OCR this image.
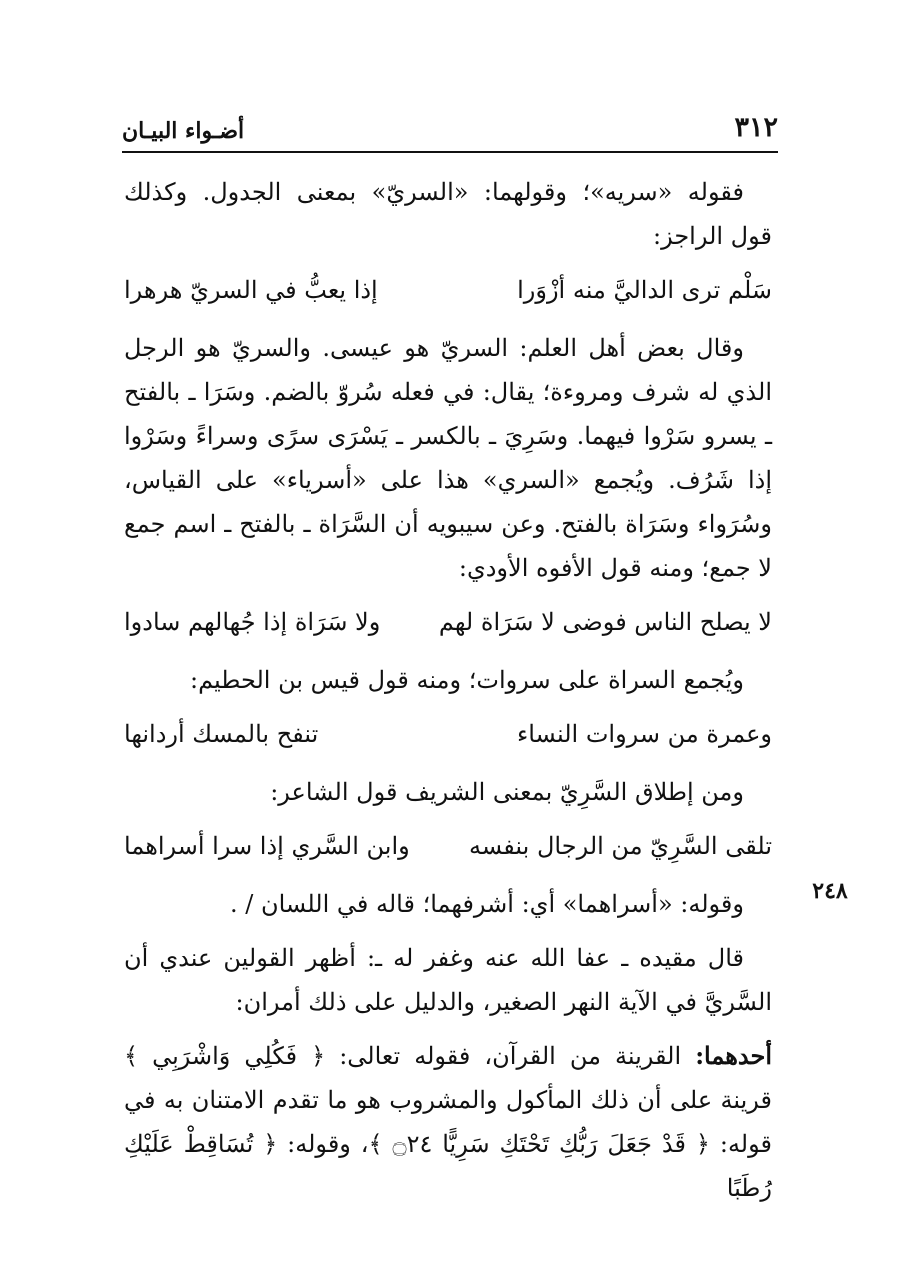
٣١٢
أضـواء البيـان
٢٤٨

فقوله «سريه»؛ وقولهما: «السريّ» بمعنى الجدول. وكذلك قول الراجز:

سَلْم ترى الداليَّ منه أزْوَرا
إذا يعبُّ في السريّ هرهرا

وقال بعض أهل العلم: السريّ هو عيسى. والسريّ هو الرجل الذي له شرف ومروءة؛ يقال: في فعله سُروّ بالضم. وسَرَا ـ بالفتح ـ يسرو سَرْوا فيهما. وسَرِيَ ـ بالكسر ـ يَسْرَى سرًى وسراءً وسَرْوا إذا شَرُف. ويُجمع «السري» هذا على «أسرياء» على القياس، وسُرَواء وسَرَاة بالفتح. وعن سيبويه أن السَّرَاة ـ بالفتح ـ اسم جمع لا جمع؛ ومنه قول الأفوه الأودي:

لا يصلح الناس فوضى لا سَرَاة لهم
ولا سَرَاة إذا جُهالهم سادوا

ويُجمع السراة على سروات؛ ومنه قول قيس بن الحطيم:

وعمرة من سروات النساء
تنفح بالمسك أردانها

ومن إطلاق السَّرِيّ بمعنى الشريف قول الشاعر:

تلقى السَّرِيّ من الرجال بنفسه
وابن السَّري إذا سرا أسراهما

وقوله: «أسراهما» أي: أشرفهما؛ قاله في اللسان / .

قال مقيده ـ عفا الله عنه وغفر له ـ: أظهر القولين عندي أن السَّريَّ في الآية النهر الصغير، والدليل على ذلك أمران:

أحدهما: القرينة من القرآن، فقوله تعالى: ﴿ فَكُلِي وَاشْرَبِي ﴾ قرينة على أن ذلك المأكول والمشروب هو ما تقدم الامتنان به في قوله: ﴿ قَدْ جَعَلَ رَبُّكِ تَحْتَكِ سَرِيًّا ۝٢٤ ﴾، وقوله: ﴿ تُسَاقِطْ عَلَيْكِ رُطَبًا
